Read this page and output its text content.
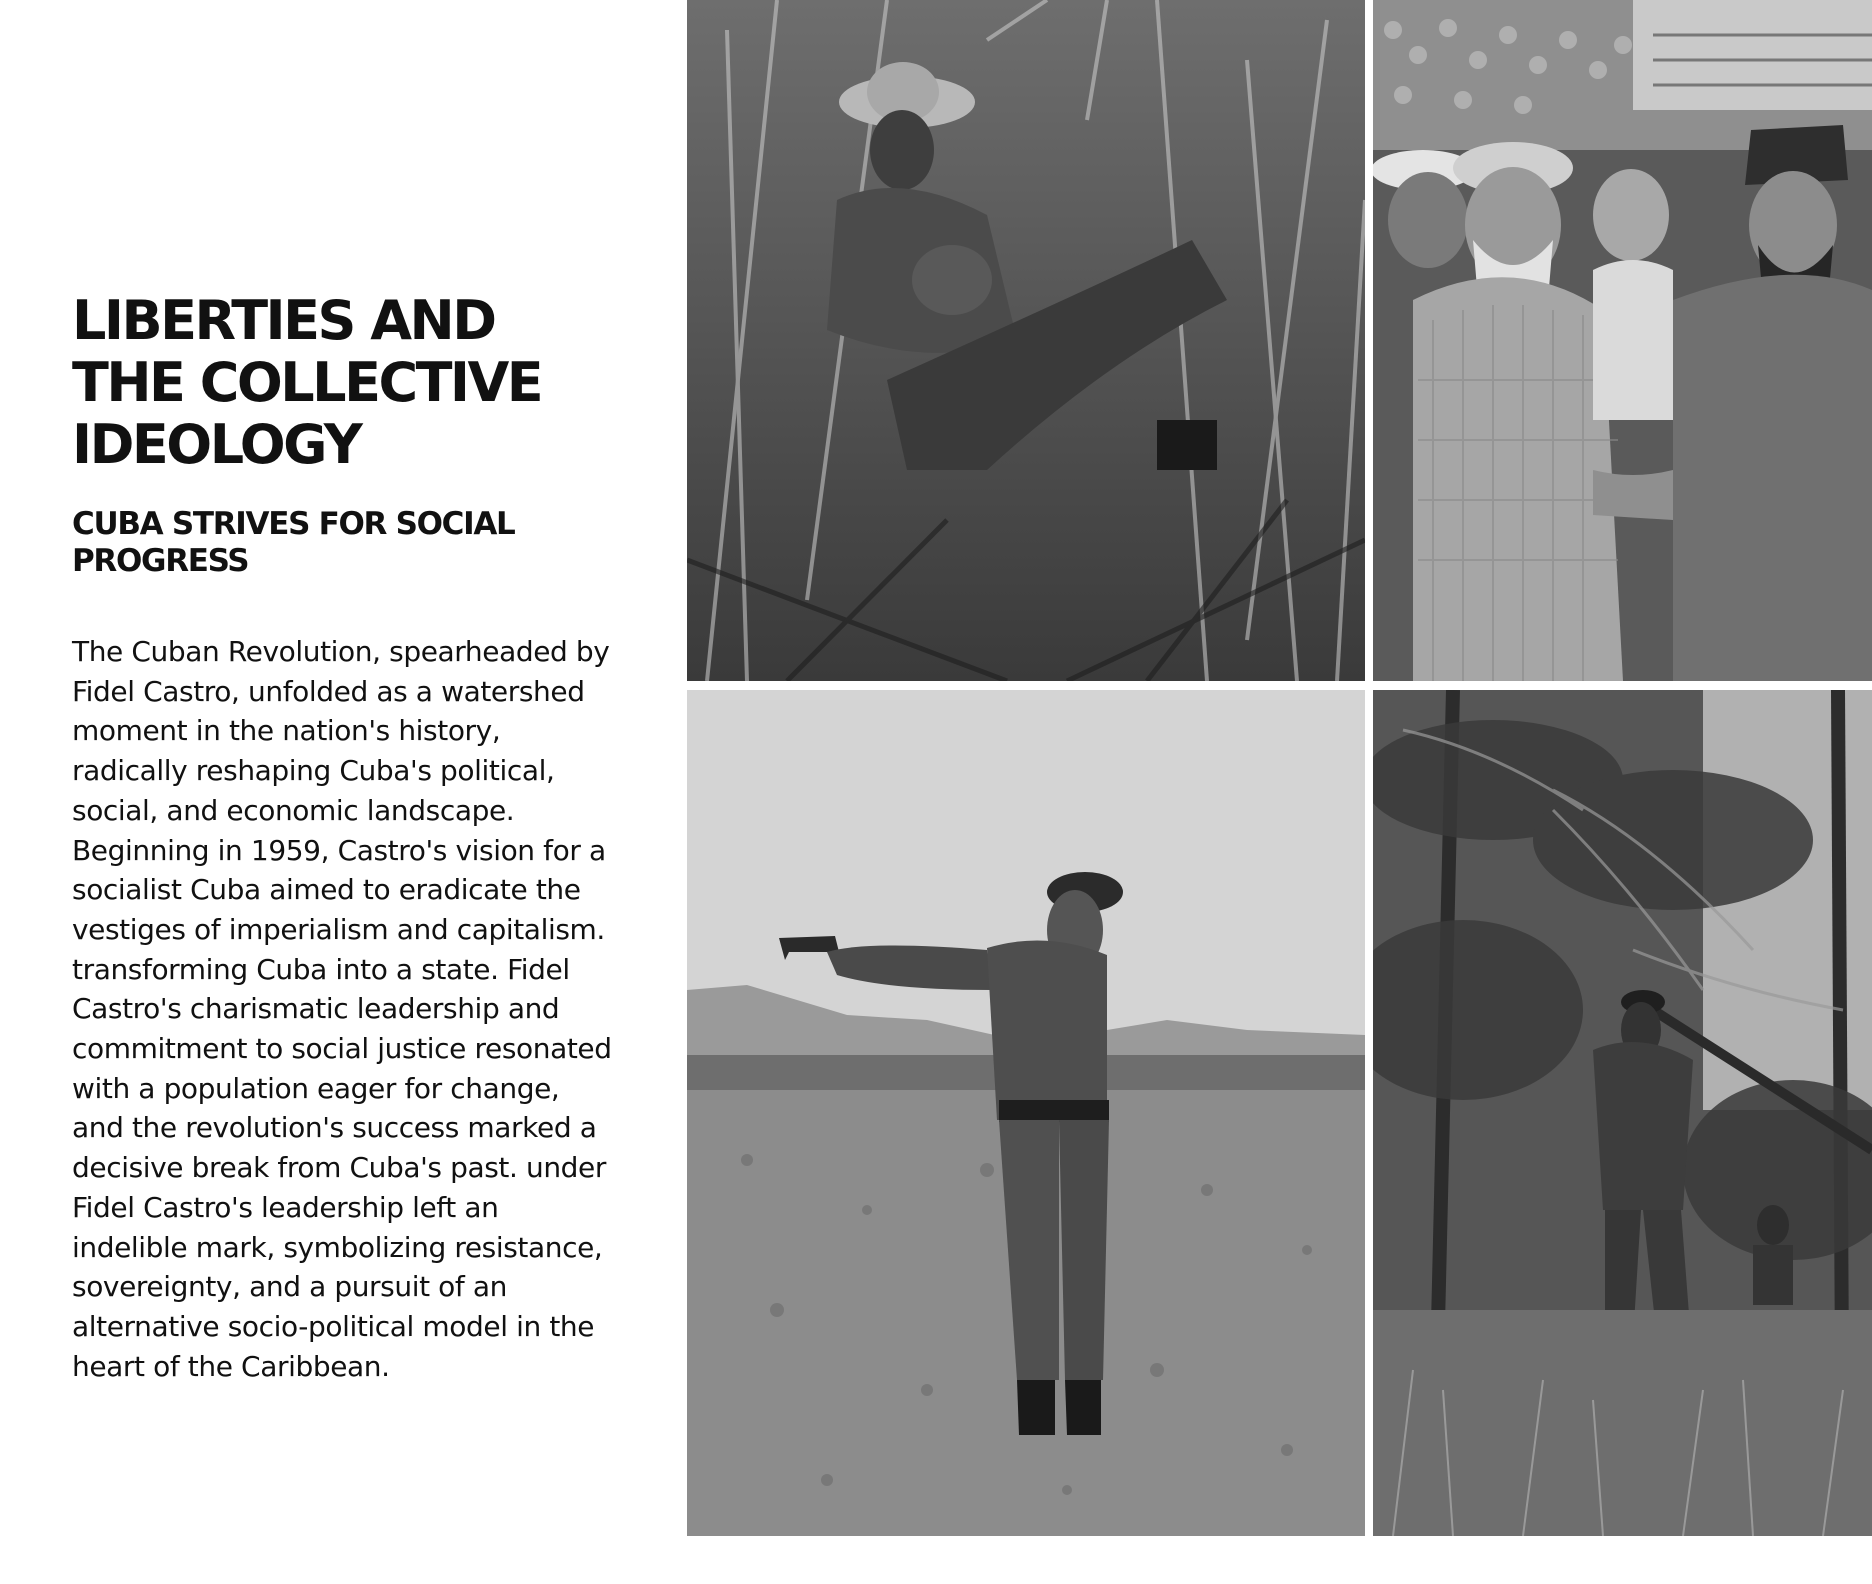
LIBERTIES AND
THE COLLECTIVE
IDEOLOGY
CUBA STRIVES FOR SOCIAL PROGRESS

The Cuban Revolution, spearheaded by Fidel Castro, unfolded as a watershed moment in the nation's history, radically reshaping Cuba's political, social, and economic landscape. Beginning in 1959, Castro's vision for a socialist Cuba aimed to eradicate the vestiges of imperialism and capitalism. transforming Cuba into a state. Fidel Castro's charismatic leadership and commitment to social justice resonated with a population eager for change, and the revolution's success marked a decisive break from Cuba's past. under Fidel Castro's leadership left an indelible mark, symbolizing resistance, sovereignty, and a pursuit of an alternative socio-political model in the heart of the Caribbean.
